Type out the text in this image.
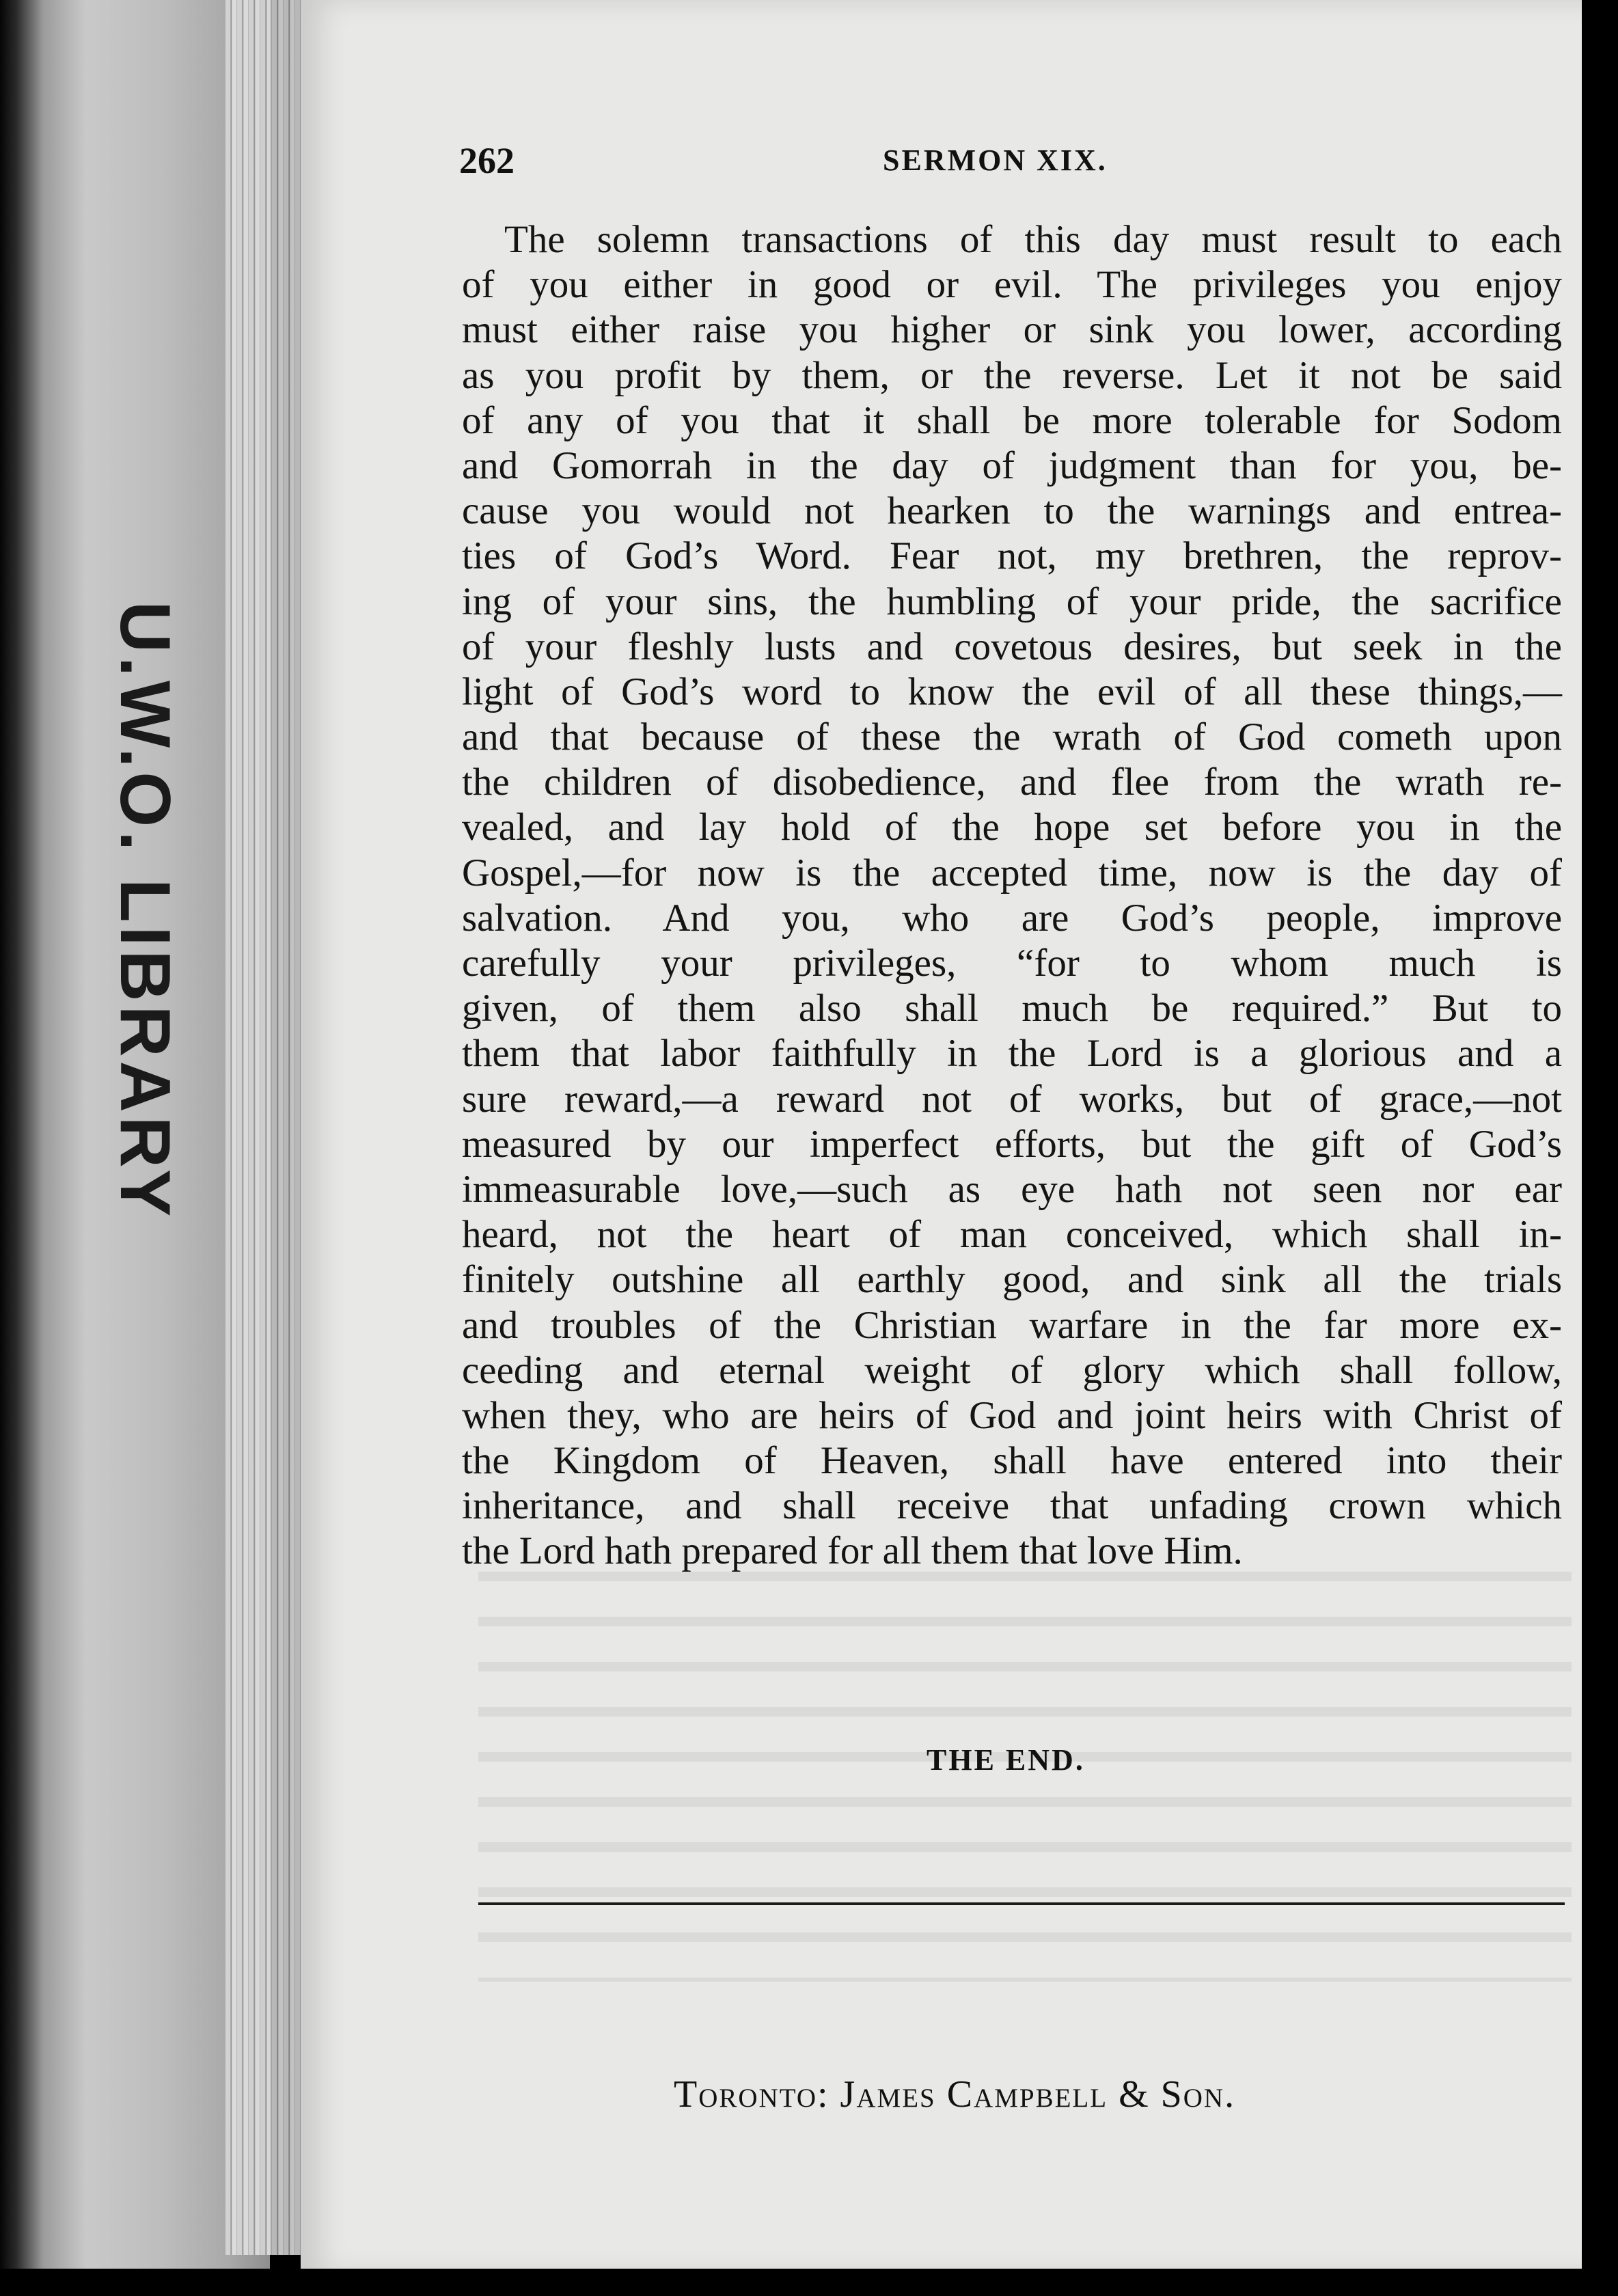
U.W.O. LIBRARY
262	SERMON XIX.
The solemn transactions of this day must result to each
of you either in good or evil. The privileges you enjoy
must either raise you higher or sink you lower, according
as you profit by them, or the reverse. Let it not be said
of any of you that it shall be more tolerable for Sodom
and Gomorrah in the day of judgment than for you, be-
cause you would not hearken to the warnings and entrea-
ties of God’s Word. Fear not, my brethren, the reprov-
ing of your sins, the humbling of your pride, the sacrifice
of your fleshly lusts and covetous desires, but seek in the
light of God’s word to know the evil of all these things,—
and that because of these the wrath of God cometh upon
the children of disobedience, and flee from the wrath re-
vealed, and lay hold of the hope set before you in the
Gospel,—for now is the accepted time, now is the day of
salvation. And you, who are God’s people, improve
carefully your privileges, “for to whom much is
given, of them also shall much be required.” But to
them that labor faithfully in the Lord is a glorious and a
sure reward,—a reward not of works, but of grace,—not
measured by our imperfect efforts, but the gift of God’s
immeasurable love,—such as eye hath not seen nor ear
heard, not the heart of man conceived, which shall in-
finitely outshine all earthly good, and sink all the trials
and troubles of the Christian warfare in the far more ex-
ceeding and eternal weight of glory which shall follow,
when they, who are heirs of God and joint heirs with Christ of
the Kingdom of Heaven, shall have entered into their
inheritance, and shall receive that unfading crown which
the Lord hath prepared for all them that love Him.
THE END.
Toronto: James Campbell & Son.
